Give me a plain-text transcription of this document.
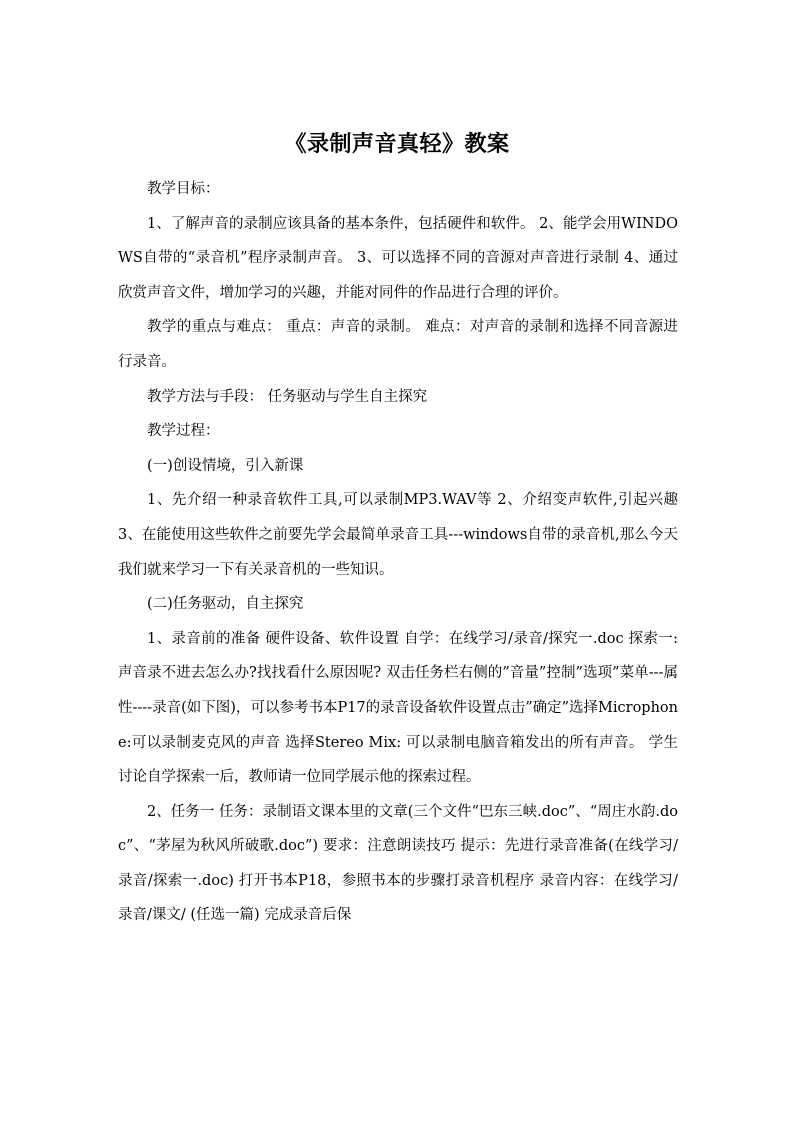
《录制声音真轻》教案

教学目标：

1、了解声音的录制应该具备的基本条件，包括硬件和软件。 2、能学会用WINDOWS自带的“录音机”程序录制声音。 3、可以选择不同的音源对声音进行录制 4、通过欣赏声音文件，增加学习的兴趣，并能对同件的作品进行合理的评价。

教学的重点与难点： 重点：声音的录制。 难点：对声音的录制和选择不同音源进行录音。

教学方法与手段： 任务驱动与学生自主探究

教学过程：

(一)创设情境，引入新课

1、先介绍一种录音软件工具,可以录制MP3.WAV等 2、介绍变声软件,引起兴趣 3、在能使用这些软件之前要先学会最简单录音工具---windows自带的录音机,那么今天我们就来学习一下有关录音机的一些知识。

(二)任务驱动，自主探究

1、录音前的准备 硬件设备、软件设置 自学：在线学习/录音/探究一.doc 探索一:声音录不进去怎么办?找找看什么原因呢? 双击任务栏右侧的”音量”控制”选项”菜单---属性----录音(如下图)，可以参考书本P17的录音设备软件设置点击”确定”选择Microphone:可以录制麦克风的声音 选择Stereo Mix: 可以录制电脑音箱发出的所有声音。 学生讨论自学探索一后，教师请一位同学展示他的探索过程。

2、任务一 任务：录制语文课本里的文章(三个文件“巴东三峡.doc”、“周庄水韵.doc”、“茅屋为秋风所破歌.doc”) 要求：注意朗读技巧 提示：先进行录音准备(在线学习/录音/探索一.doc) 打开书本P18，参照书本的步骤打录音机程序 录音内容：在线学习/录音/课文/ (任选一篇) 完成录音后保
